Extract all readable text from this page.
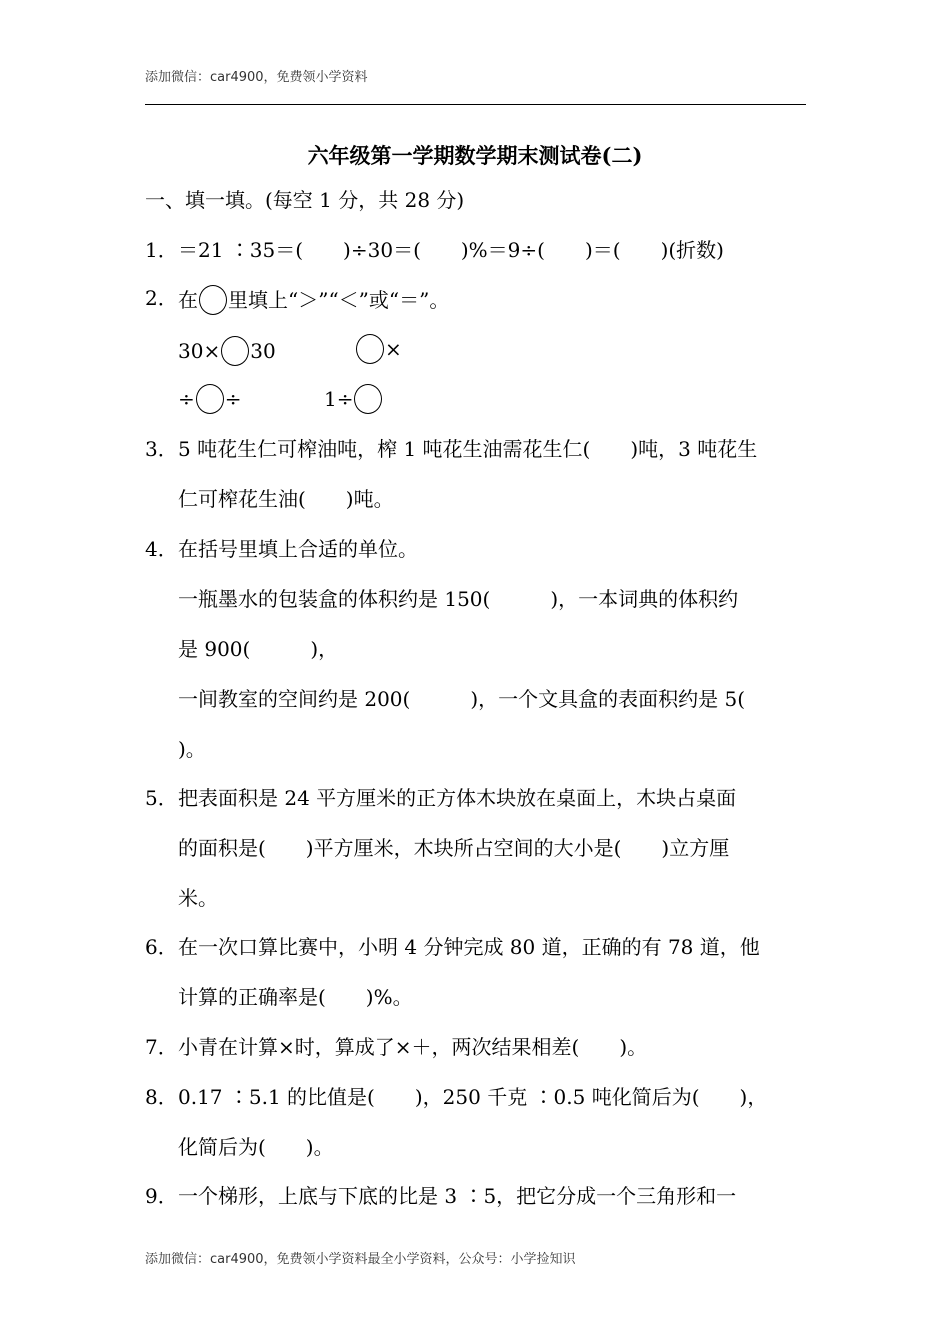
添加微信：car4900，免费领小学资料
六年级第一学期数学期末测试卷(二)
一、填一填。(每空 1 分，共 28 分)
1． ＝21 ∶35＝(　　)÷30＝(　　)%＝9÷(　　)＝(　　)(折数)
2． 在 里填上“＞”“＜”或“＝”。
30× 30	×
÷ ÷	1÷
3． 5 吨花生仁可榨油吨，榨 1 吨花生油需花生仁(　　)吨，3 吨花生
仁可榨花生油(　　)吨。
4． 在括号里填上合适的单位。
一瓶墨水的包装盒的体积约是 150(　　　)，一本词典的体积约
是 900(　　　)，
一间教室的空间约是 200(　　　)，一个文具盒的表面积约是 5(
)。
5． 把表面积是 24 平方厘米的正方体木块放在桌面上，木块占桌面
的面积是(　　)平方厘米，木块所占空间的大小是(　　)立方厘
米。
6． 在一次口算比赛中，小明 4 分钟完成 80 道，正确的有 78 道，他
计算的正确率是(　　)%。
7． 小青在计算×时，算成了×＋，两次结果相差(　　)。
8． 0.17 ∶5.1 的比值是(　　)，250 千克 ∶0.5 吨化简后为(　　)，
化简后为(　　)。
9． 一个梯形，上底与下底的比是 3 ∶5，把它分成一个三角形和一
添加微信：car4900，免费领小学资料最全小学资料，公众号：小学捡知识
